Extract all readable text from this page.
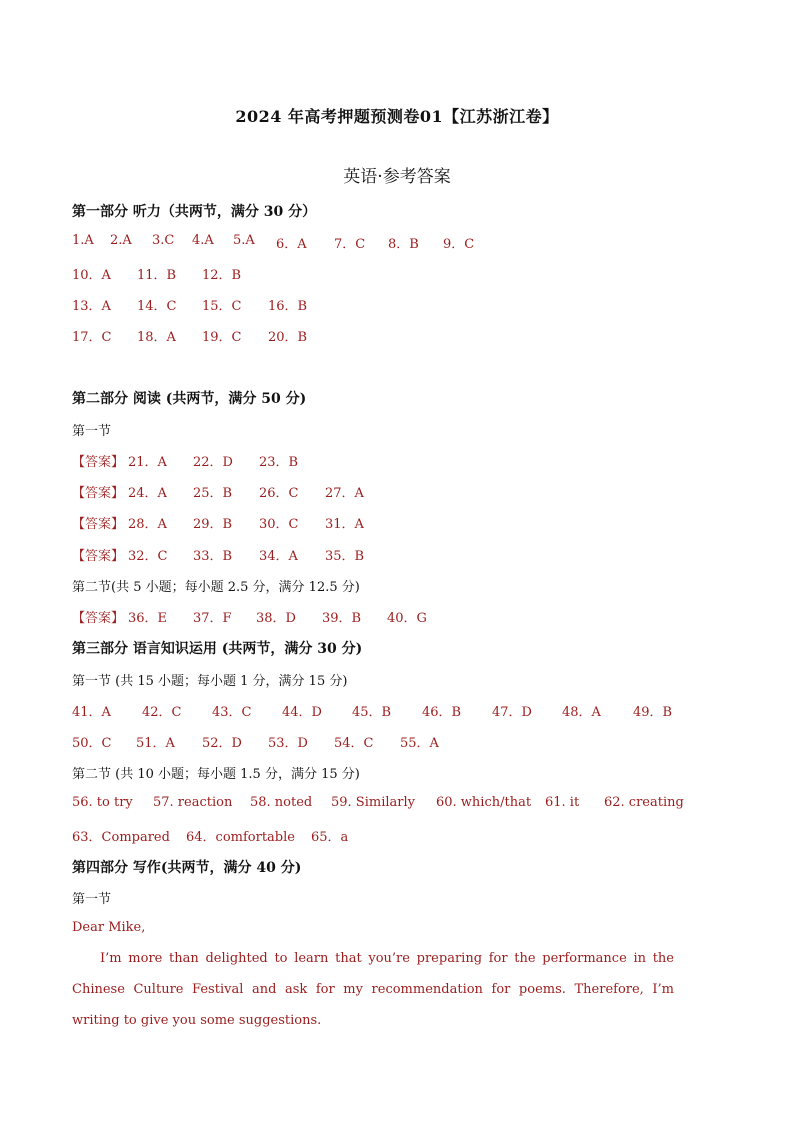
2024 年高考押题预测卷01【江苏浙江卷】
英语·参考答案
第一部分 听力（共两节，满分 30 分）
1.A 2.A 3.C 4.A 5.A 6．A 7．C 8．B 9．C
10．A 11．B 12．B
13．A 14．C 15．C 16．B
17．C 18．A 19．C 20．B
第二部分 阅读 (共两节，满分 50 分)
第一节
【答案】 21．A 22．D 23．B
【答案】 24．A 25．B 26．C 27．A
【答案】 28．A 29．B 30．C 31．A
【答案】 32．C 33．B 34．A 35．B
第二节(共 5 小题；每小题 2.5 分，满分 12.5 分)
【答案】 36．E 37．F 38．D 39．B 40．G
第三部分 语言知识运用 (共两节，满分 30 分)
第一节 (共 15 小题；每小题 1 分，满分 15 分)
41．A 42．C 43．C 44．D 45．B 46．B 47．D 48．A 49．B
50．C 51．A 52．D 53．D 54．C 55．A
第二节 (共 10 小题；每小题 1.5 分，满分 15 分)
56. to try 57. reaction 58. noted 59. Similarly 60. which/that 61. it 62. creating
63．Compared 64．comfortable 65．a
第四部分 写作(共两节，满分 40 分)
第一节
Dear Mike,
I’m more than delighted to learn that you’re preparing for the performance in the Chinese Culture Festival and ask for my recommendation for poems. Therefore, I’m writing to give you some suggestions.
